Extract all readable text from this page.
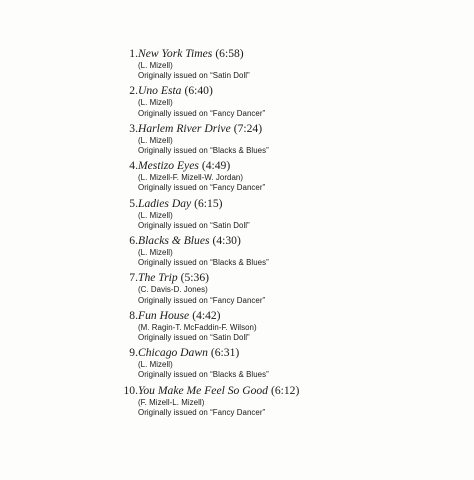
1.New York Times (6:58)
(L. Mizell)
Originally issued on “Satin Doll”
2.Uno Esta (6:40)
(L. Mizell)
Originally issued on “Fancy Dancer”
3.Harlem River Drive (7:24)
(L. Mizell)
Originally issued on “Blacks & Blues”
4.Mestizo Eyes (4:49)
(L. Mizell-F. Mizell-W. Jordan)
Originally issued on “Fancy Dancer”
5.Ladies Day (6:15)
(L. Mizell)
Originally issued on “Satin Doll”
6.Blacks & Blues (4:30)
(L. Mizell)
Originally issued on “Blacks & Blues”
7.The Trip (5:36)
(C. Davis-D. Jones)
Originally issued on “Fancy Dancer”
8.Fun House (4:42)
(M. Ragin-T. McFaddin-F. Wilson)
Originally issued on “Satin Doll”
9.Chicago Dawn (6:31)
(L. Mizell)
Originally issued on “Blacks & Blues”
10.You Make Me Feel So Good (6:12)
(F. Mizell-L. Mizell)
Originally issued on “Fancy Dancer”
